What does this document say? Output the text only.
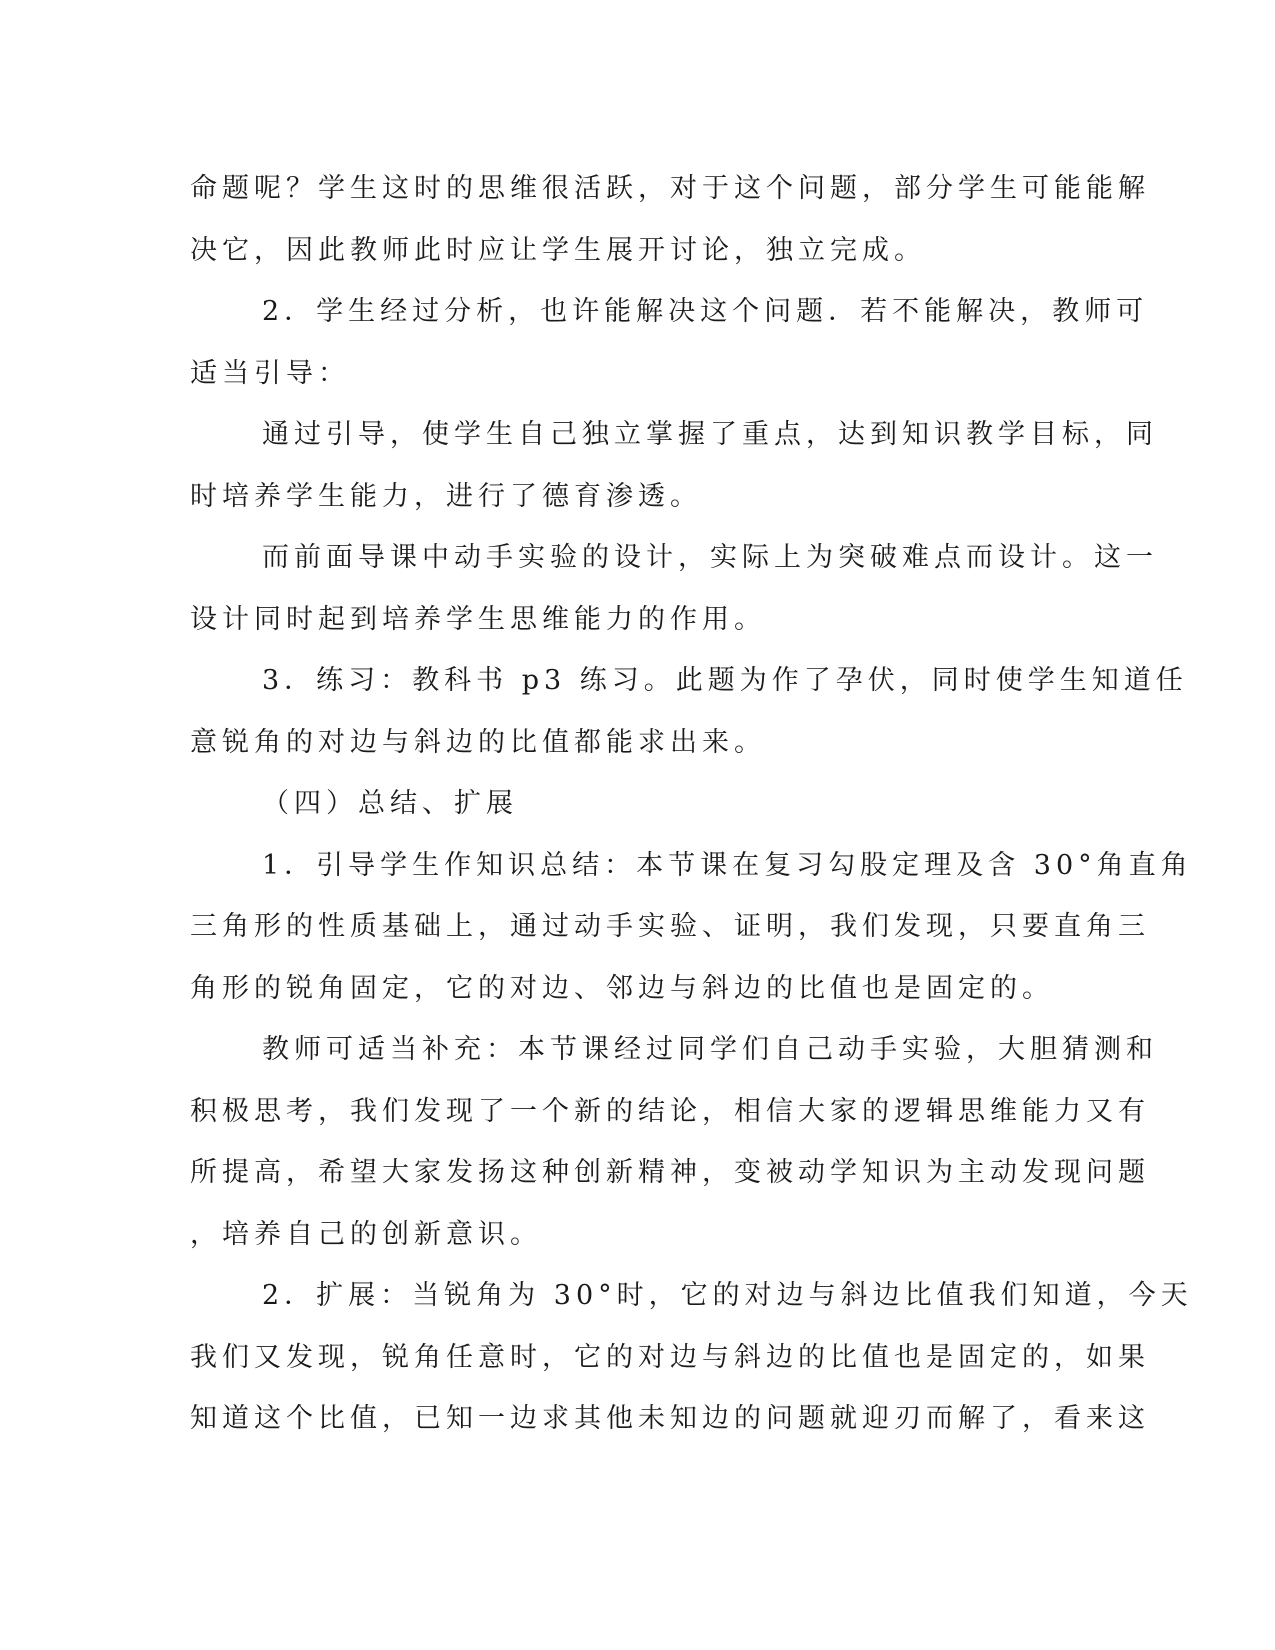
命题呢？学生这时的思维很活跃，对于这个问题，部分学生可能能解
决它，因此教师此时应让学生展开讨论，独立完成。
2．学生经过分析，也许能解决这个问题．若不能解决，教师可
适当引导：
通过引导，使学生自己独立掌握了重点，达到知识教学目标，同
时培养学生能力，进行了德育渗透。
而前面导课中动手实验的设计，实际上为突破难点而设计。这一
设计同时起到培养学生思维能力的作用。
3．练习：教科书 p3 练习。此题为作了孕伏，同时使学生知道任
意锐角的对边与斜边的比值都能求出来。
（四）总结、扩展
1．引导学生作知识总结：本节课在复习勾股定理及含 30°角直角
三角形的性质基础上，通过动手实验、证明，我们发现，只要直角三
角形的锐角固定，它的对边、邻边与斜边的比值也是固定的。
教师可适当补充：本节课经过同学们自己动手实验，大胆猜测和
积极思考，我们发现了一个新的结论，相信大家的逻辑思维能力又有
所提高，希望大家发扬这种创新精神，变被动学知识为主动发现问题
，培养自己的创新意识。
2．扩展：当锐角为 30°时，它的对边与斜边比值我们知道，今天
我们又发现，锐角任意时，它的对边与斜边的比值也是固定的，如果
知道这个比值，已知一边求其他未知边的问题就迎刃而解了，看来这
